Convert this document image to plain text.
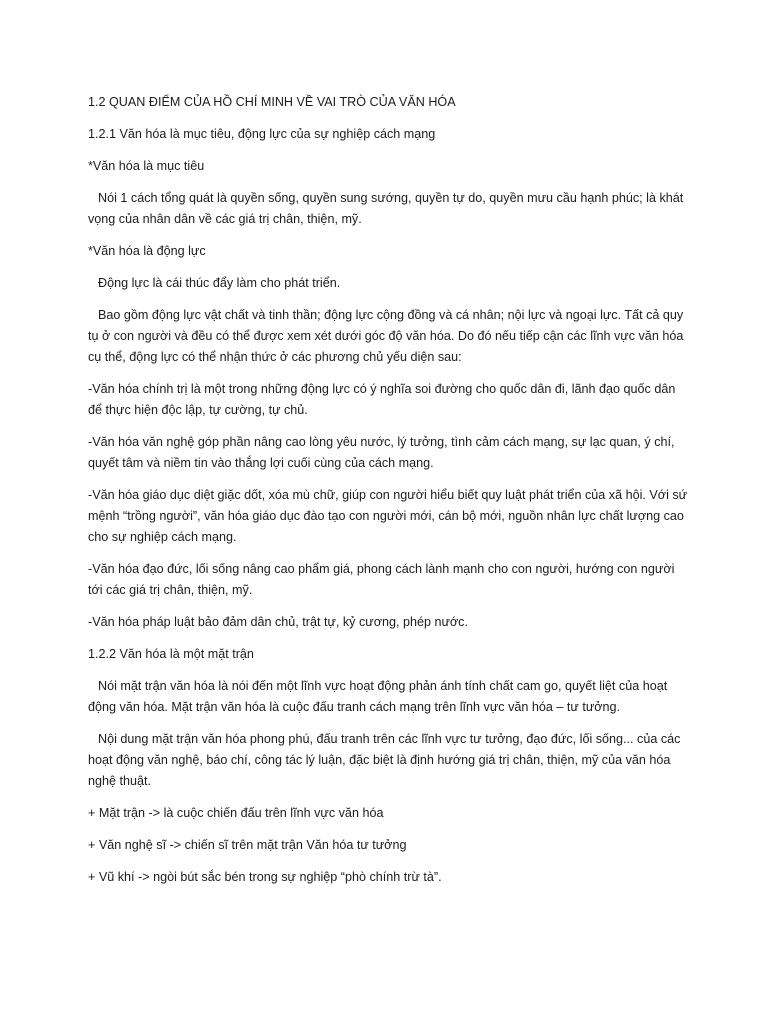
1.2 QUAN ĐIỂM CỦA HỒ CHÍ MINH VỀ VAI TRÒ CỦA VĂN HÓA

1.2.1 Văn hóa là mục tiêu, động lực của sự nghiệp cách mạng

*Văn hóa là mục tiêu

Nói 1 cách tổng quát là quyền sống, quyền sung sướng, quyền tự do, quyền mưu cầu hạnh phúc; là khát vọng của nhân dân về các giá trị chân, thiện, mỹ.

*Văn hóa là động lực

Động lực là cái thúc đẩy làm cho phát triển.

Bao gồm động lực vật chất và tinh thần; động lực cộng đồng và cá nhân; nội lực và ngoại lực. Tất cả quy tụ ở con người và đều có thể được xem xét dưới góc độ văn hóa. Do đó nếu tiếp cận các lĩnh vực văn hóa cụ thể, động lực có thể nhận thức ở các phương chủ yếu diện sau:

-Văn hóa chính trị là một trong những động lực có ý nghĩa soi đường cho quốc dân đi, lãnh đạo quốc dân để thực hiện độc lập, tự cường, tự chủ.

-Văn hóa văn nghệ góp phần nâng cao lòng yêu nước, lý tưởng, tình cảm cách mạng, sự lạc quan, ý chí, quyết tâm và niềm tin vào thắng lợi cuối cùng của cách mạng.

-Văn hóa giáo dục diệt giặc dốt, xóa mù chữ, giúp con người hiểu biết quy luật phát triển của xã hội. Với sứ mệnh “trồng người”, văn hóa giáo dục đào tạo con người mới, cán bộ mới, nguồn nhân lực chất lượng cao cho sự nghiệp cách mạng.

-Văn hóa đạo đức, lối sống nâng cao phẩm giá, phong cách lành mạnh cho con người, hướng con người tới các giá trị chân, thiện, mỹ.

-Văn hóa pháp luật bảo đảm dân chủ, trật tự, kỷ cương, phép nước.

1.2.2 Văn hóa là một mặt trận

Nói mặt trận văn hóa là nói đến một lĩnh vực hoạt động phản ánh tính chất cam go, quyết liệt của hoạt động văn hóa. Mặt trận văn hóa là cuộc đấu tranh cách mạng trên lĩnh vực văn hóa – tư tưởng.

Nội dung mặt trận văn hóa phong phú, đấu tranh trên các lĩnh vực tư tưởng, đạo đức, lối sống... của các hoạt động văn nghệ, báo chí, công tác lý luận, đặc biệt là định hướng giá trị chân, thiện, mỹ của văn hóa nghệ thuật.

+ Mặt trận -> là cuộc chiến đấu trên lĩnh vực văn hóa

+ Văn nghệ sĩ -> chiến sĩ trên mặt trận Văn hóa tư tưởng

+ Vũ khí -> ngòi bút sắc bén trong sự nghiệp “phò chính trừ tà”.
